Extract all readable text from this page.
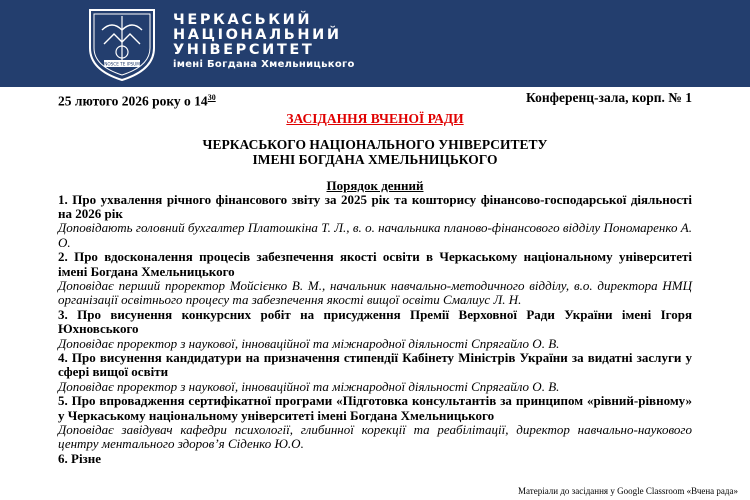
NOSCE TE IPSUM
ЧЕРКАСЬКИЙ
НАЦІОНАЛЬНИЙ
УНІВЕРСИТЕТ
імені Богдана Хмельницького
25 лютого 2026 року о $14^{30}$	Конференц-зала, корп. № 1
ЗАСІДАННЯ ВЧЕНОЇ РАДИ
ЧЕРКАСЬКОГО НАЦІОНАЛЬНОГО УНІВЕРСИТЕТУ
ІМЕНІ БОГДАНА ХМЕЛЬНИЦЬКОГО
Порядок денний
1. Про ухвалення річного фінансового звіту за 2025 рік та кошторису фінансово-господарської діяльності на 2026 рік
Доповідають головний бухгалтер Платошкіна Т. Л., в. о. начальника планово-фінансового відділу Пономаренко А. О.
2. Про вдосконалення процесів забезпечення якості освіти в Черкаському національному університеті імені Богдана Хмельницького
Доповідає перший проректор Мойсієнко В. М., начальник навчально-методичного відділу, в.о. директора НМЦ організації освітнього процесу та забезпечення якості вищої освіти Смалиус Л. Н.
3. Про висунення конкурсних робіт на присудження Премії Верховної Ради України імені Ігоря Юхновського
Доповідає проректор з наукової, інноваційної та міжнародної діяльності Спрягайло О. В.
4. Про висунення кандидатури на призначення стипендії Кабінету Міністрів України за видатні заслуги у сфері вищої освіти
Доповідає проректор з наукової, інноваційної та міжнародної діяльності Спрягайло О. В.
5. Про впровадження сертифікатної програми «Підготовка консультантів за принципом «рівний-рівному» у Черкаському національному університеті імені Богдана Хмельницького
Доповідає завідувач кафедри психології, глибинної корекції та реабілітації, директор навчально-наукового центру ментального здоров’я Сіденко Ю.О.
6. Різне
Матеріали до засідання у Google Classroom «Вчена рада»
